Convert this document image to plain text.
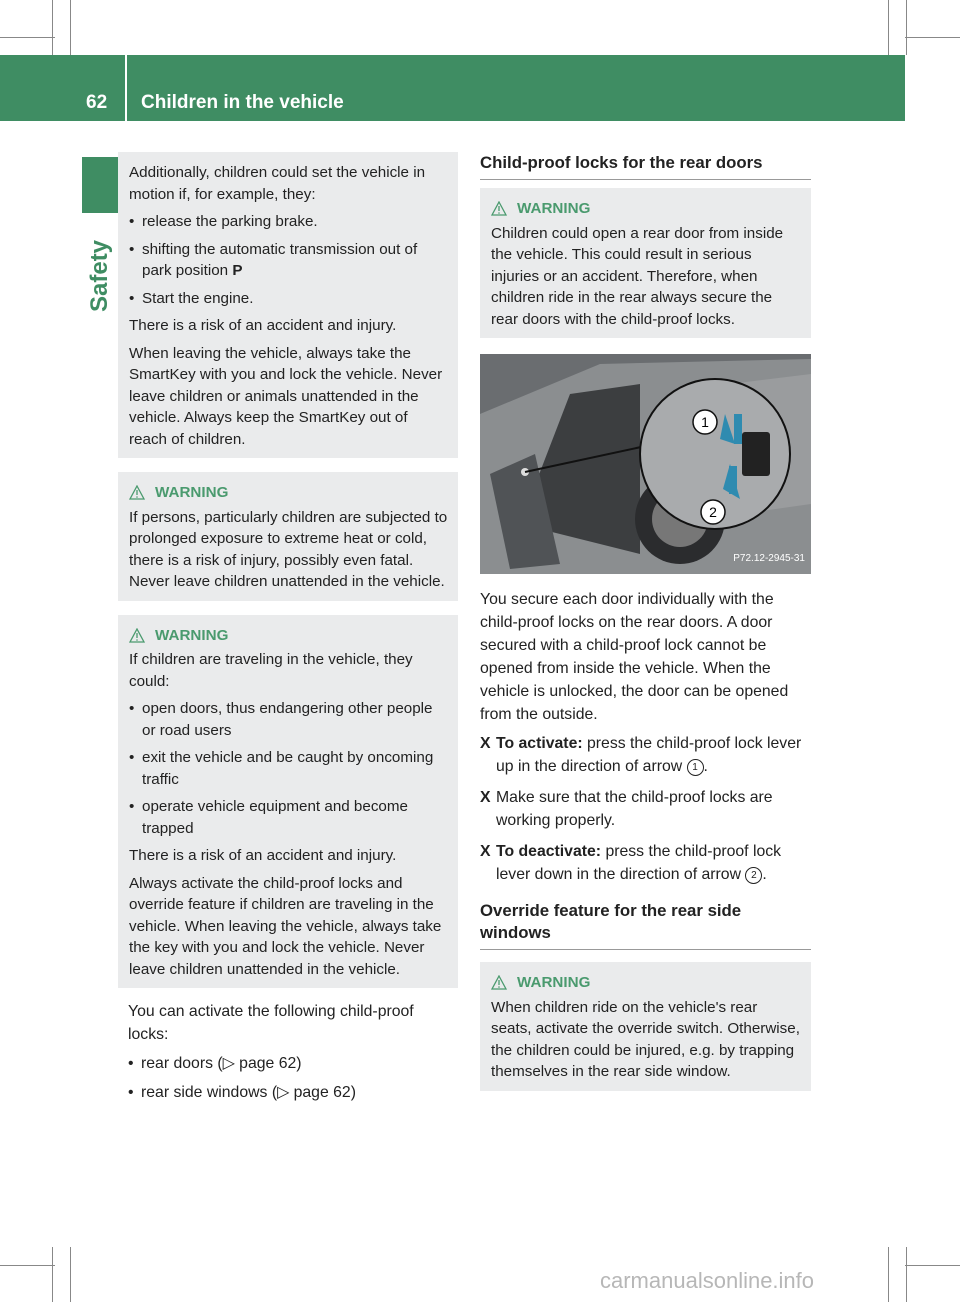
62 Children in the vehicle
Safety

Additionally, children could set the vehicle in motion if, for example, they:

• release the parking brake.
• shifting the automatic transmission out of park position P
• Start the engine.

There is a risk of an accident and injury.

When leaving the vehicle, always take the SmartKey with you and lock the vehicle. Never leave children or animals unattended in the vehicle. Always keep the SmartKey out of reach of children.

WARNING

If persons, particularly children are subjected to prolonged exposure to extreme heat or cold, there is a risk of injury, possibly even fatal. Never leave children unattended in the vehicle.

WARNING

If children are traveling in the vehicle, they could:

• open doors, thus endangering other people or road users
• exit the vehicle and be caught by oncoming traffic
• operate vehicle equipment and become trapped

There is a risk of an accident and injury.

Always activate the child-proof locks and override feature if children are traveling in the vehicle. When leaving the vehicle, always take the key with you and lock the vehicle. Never leave children unattended in the vehicle.

You can activate the following child-proof locks:

• rear doors (▷ page 62)
• rear side windows (▷ page 62)
Child-proof locks for the rear doors
WARNING

Children could open a rear door from inside the vehicle. This could result in serious injuries or an accident. Therefore, when children ride in the rear always secure the rear doors with the child-proof locks.

1
2
P72.12-2945-31

You secure each door individually with the child-proof locks on the rear doors. A door secured with a child-proof lock cannot be opened from inside the vehicle. When the vehicle is unlocked, the door can be opened from the outside.

X To activate: press the child-proof lock lever up in the direction of arrow 1 .
X Make sure that the child-proof locks are working properly.
X To deactivate: press the child-proof lock lever down in the direction of arrow 2 .
Override feature for the rear side windows
WARNING

When children ride on the vehicle's rear seats, activate the override switch. Otherwise, the children could be injured, e.g. by trapping themselves in the rear side window.

carmanualsonline.info
